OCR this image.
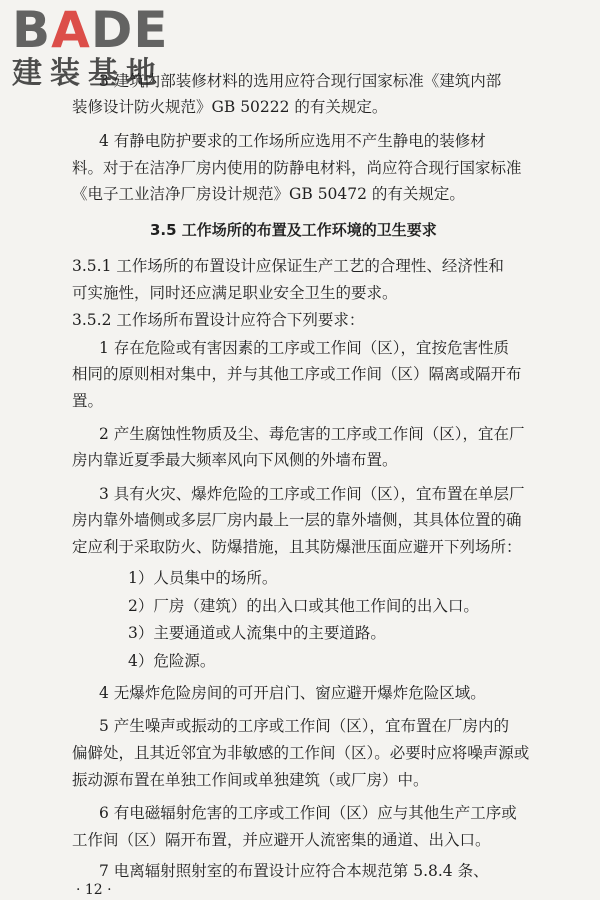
BADE
建装基地
3 建筑内部装修材料的选用应符合现行国家标准《建筑内部
装修设计防火规范》GB 50222 的有关规定。
4 有静电防护要求的工作场所应选用不产生静电的装修材
料。对于在洁净厂房内使用的防静电材料，尚应符合现行国家标准
《电子工业洁净厂房设计规范》GB 50472 的有关规定。
3.5 工作场所的布置及工作环境的卫生要求
3.5.1 工作场所的布置设计应保证生产工艺的合理性、经济性和
可实施性，同时还应满足职业安全卫生的要求。
3.5.2 工作场所布置设计应符合下列要求：
1 存在危险或有害因素的工序或工作间（区），宜按危害性质
相同的原则相对集中，并与其他工序或工作间（区）隔离或隔开布
置。
2 产生腐蚀性物质及尘、毒危害的工序或工作间（区），宜在厂
房内靠近夏季最大频率风向下风侧的外墙布置。
3 具有火灾、爆炸危险的工序或工作间（区），宜布置在单层厂
房内靠外墙侧或多层厂房内最上一层的靠外墙侧，其具体位置的确
定应利于采取防火、防爆措施，且其防爆泄压面应避开下列场所：
1）人员集中的场所。
2）厂房（建筑）的出入口或其他工作间的出入口。
3）主要通道或人流集中的主要道路。
4）危险源。
4 无爆炸危险房间的可开启门、窗应避开爆炸危险区域。
5 产生噪声或振动的工序或工作间（区），宜布置在厂房内的
偏僻处，且其近邻宜为非敏感的工作间（区）。必要时应将噪声源或
振动源布置在单独工作间或单独建筑（或厂房）中。
6 有电磁辐射危害的工序或工作间（区）应与其他生产工序或
工作间（区）隔开布置，并应避开人流密集的通道、出入口。
7 电离辐射照射室的布置设计应符合本规范第 5.8.4 条、
· 12 ·
